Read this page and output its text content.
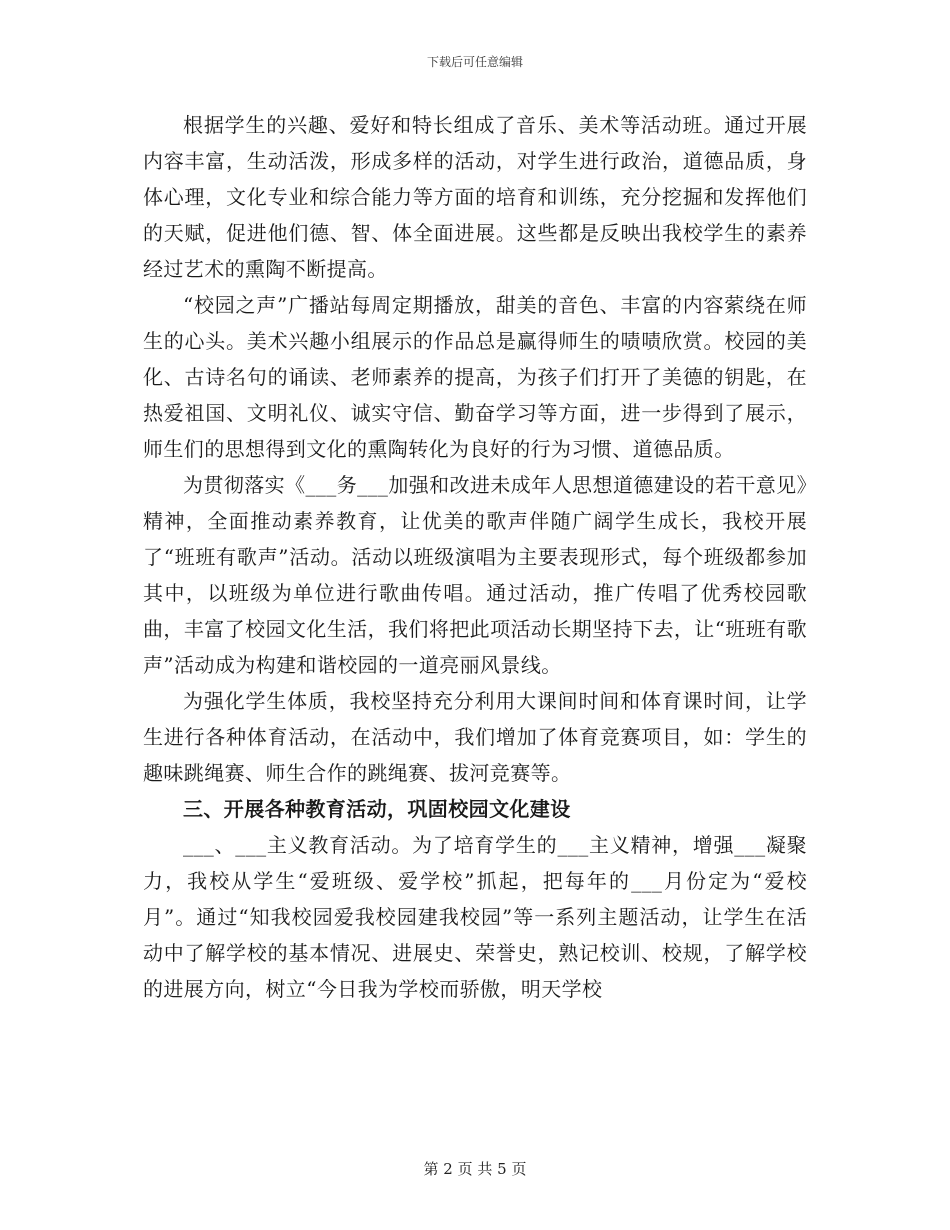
下载后可任意编辑

根据学生的兴趣、爱好和特长组成了音乐、美术等活动班。通过开展内容丰富，生动活泼，形成多样的活动，对学生进行政治，道德品质，身体心理，文化专业和综合能力等方面的培育和训练，充分挖掘和发挥他们的天赋，促进他们德、智、体全面进展。这些都是反映出我校学生的素养经过艺术的熏陶不断提高。

“校园之声”广播站每周定期播放，甜美的音色、丰富的内容萦绕在师生的心头。美术兴趣小组展示的作品总是赢得师生的啧啧欣赏。校园的美化、古诗名句的诵读、老师素养的提高，为孩子们打开了美德的钥匙，在热爱祖国、文明礼仪、诚实守信、勤奋学习等方面，进一步得到了展示，师生们的思想得到文化的熏陶转化为良好的行为习惯、道德品质。

为贯彻落实《___务___加强和改进未成年人思想道德建设的若干意见》精神，全面推动素养教育，让优美的歌声伴随广阔学生成长，我校开展了“班班有歌声”活动。活动以班级演唱为主要表现形式，每个班级都参加其中，以班级为单位进行歌曲传唱。通过活动，推广传唱了优秀校园歌曲，丰富了校园文化生活，我们将把此项活动长期坚持下去，让“班班有歌声”活动成为构建和谐校园的一道亮丽风景线。

为强化学生体质，我校坚持充分利用大课间时间和体育课时间，让学生进行各种体育活动，在活动中，我们增加了体育竞赛项目，如：学生的趣味跳绳赛、师生合作的跳绳赛、拔河竞赛等。

三、开展各种教育活动，巩固校园文化建设

___、___主义教育活动。为了培育学生的___主义精神，增强___凝聚力，我校从学生“爱班级、爱学校”抓起，把每年的___月份定为“爱校月”。通过“知我校园爱我校园建我校园”等一系列主题活动，让学生在活动中了解学校的基本情况、进展史、荣誉史，熟记校训、校规，了解学校的进展方向，树立“今日我为学校而骄傲，明天学校

第 2 页 共 5 页
